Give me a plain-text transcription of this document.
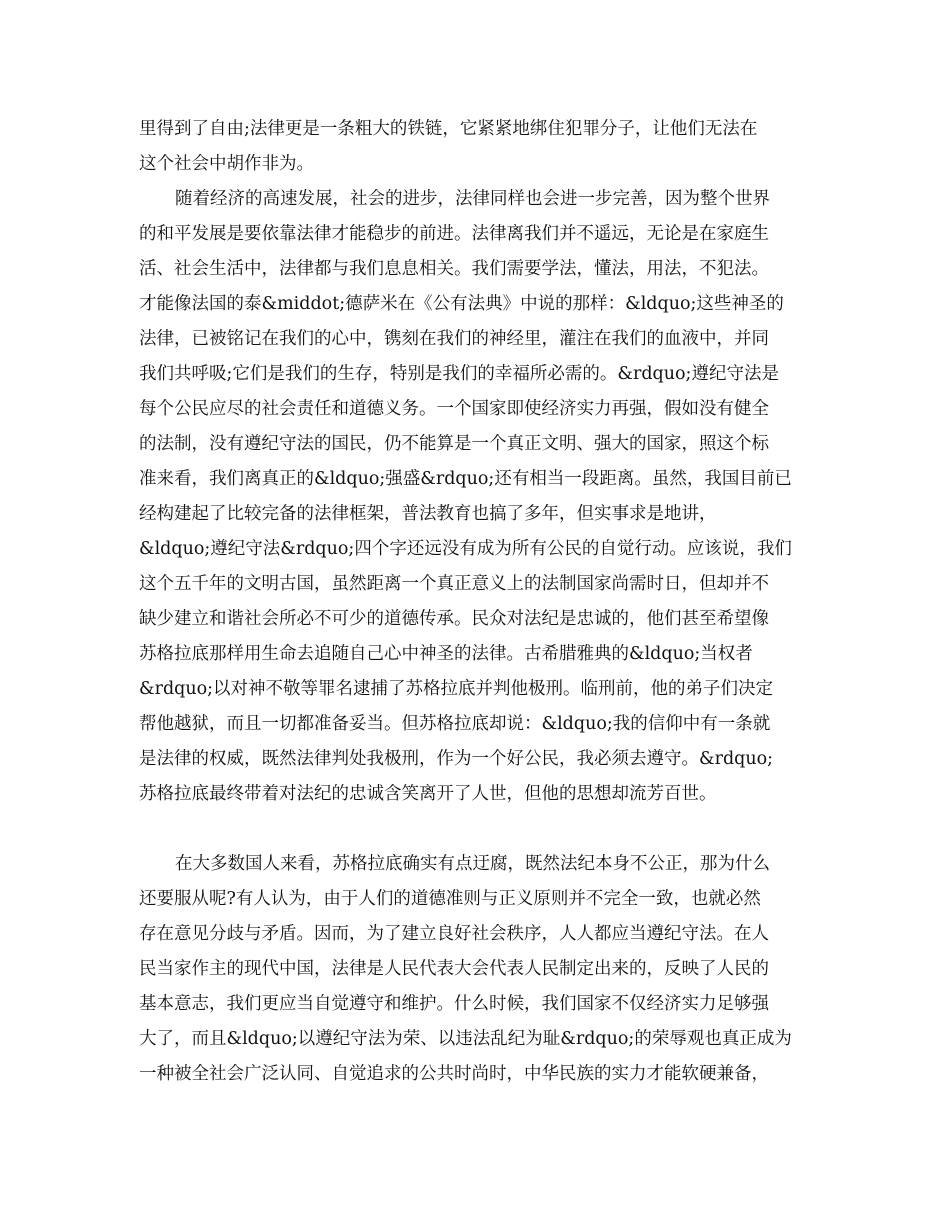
里得到了自由;法律更是一条粗大的铁链，它紧紧地绑住犯罪分子，让他们无法在
这个社会中胡作非为。
随着经济的高速发展，社会的进步，法律同样也会进一步完善，因为整个世界
的和平发展是要依靠法律才能稳步的前进。法律离我们并不遥远，无论是在家庭生
活、社会生活中，法律都与我们息息相关。我们需要学法，懂法，用法，不犯法。
才能像法国的泰&middot;德萨米在《公有法典》中说的那样：&ldquo;这些神圣的
法律，已被铭记在我们的心中，镌刻在我们的神经里，灌注在我们的血液中，并同
我们共呼吸;它们是我们的生存，特别是我们的幸福所必需的。&rdquo;遵纪守法是
每个公民应尽的社会责任和道德义务。一个国家即使经济实力再强，假如没有健全
的法制，没有遵纪守法的国民，仍不能算是一个真正文明、强大的国家，照这个标
准来看，我们离真正的&ldquo;强盛&rdquo;还有相当一段距离。虽然，我国目前已
经构建起了比较完备的法律框架，普法教育也搞了多年，但实事求是地讲，
&ldquo;遵纪守法&rdquo;四个字还远没有成为所有公民的自觉行动。应该说，我们
这个五千年的文明古国，虽然距离一个真正意义上的法制国家尚需时日，但却并不
缺少建立和谐社会所必不可少的道德传承。民众对法纪是忠诚的，他们甚至希望像
苏格拉底那样用生命去追随自己心中神圣的法律。古希腊雅典的&ldquo;当权者
&rdquo;以对神不敬等罪名逮捕了苏格拉底并判他极刑。临刑前，他的弟子们决定
帮他越狱，而且一切都准备妥当。但苏格拉底却说：&ldquo;我的信仰中有一条就
是法律的权威，既然法律判处我极刑，作为一个好公民，我必须去遵守。&rdquo;
苏格拉底最终带着对法纪的忠诚含笑离开了人世，但他的思想却流芳百世。
在大多数国人来看，苏格拉底确实有点迂腐，既然法纪本身不公正，那为什么
还要服从呢?有人认为，由于人们的道德准则与正义原则并不完全一致，也就必然
存在意见分歧与矛盾。因而，为了建立良好社会秩序，人人都应当遵纪守法。在人
民当家作主的现代中国，法律是人民代表大会代表人民制定出来的，反映了人民的
基本意志，我们更应当自觉遵守和维护。什么时候，我们国家不仅经济实力足够强
大了，而且&ldquo;以遵纪守法为荣、以违法乱纪为耻&rdquo;的荣辱观也真正成为
一种被全社会广泛认同、自觉追求的公共时尚时，中华民族的实力才能软硬兼备，
